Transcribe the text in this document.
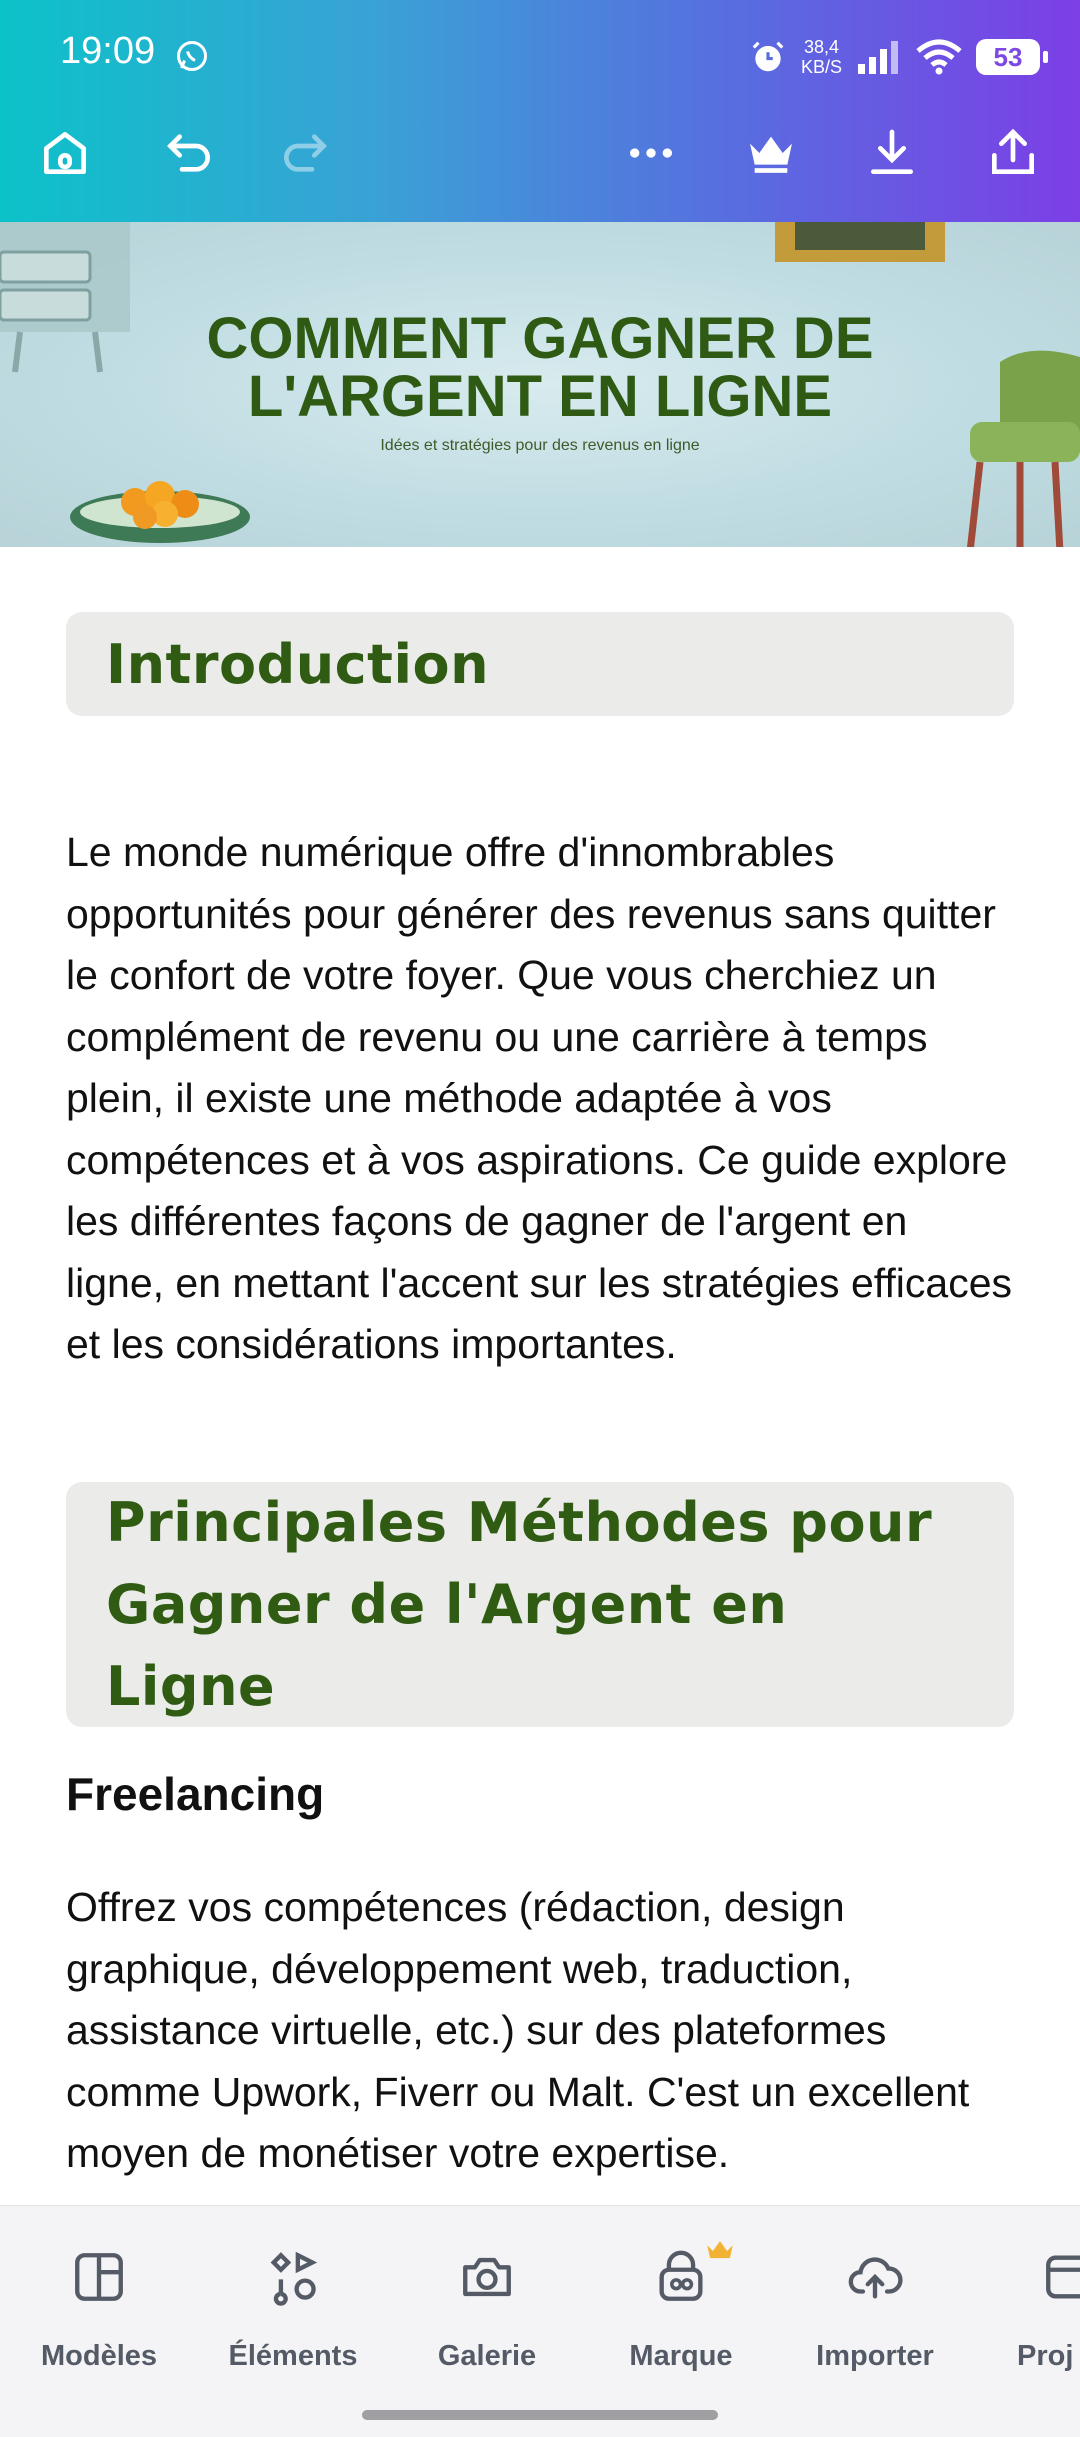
19:09	38,4
KB/S	53
COMMENT GAGNER DE
L'ARGENT EN LIGNE
Idées et stratégies pour des revenus en ligne
Introduction
Le monde numérique offre d'innombrables opportunités pour générer des revenus sans quitter le confort de votre foyer. Que vous cherchiez un complément de revenu ou une carrière à temps plein, il existe une méthode adaptée à vos compétences et à vos aspirations. Ce guide explore les différentes façons de gagner de l'argent en ligne, en mettant l'accent sur les stratégies efficaces et les considérations importantes.
Principales Méthodes pour Gagner de l'Argent en Ligne
Freelancing
Offrez vos compétences (rédaction, design graphique, développement web, traduction, assistance virtuelle, etc.) sur des plateformes comme Upwork, Fiverr ou Malt. C'est un excellent moyen de monétiser votre expertise.
Modèles	Éléments	Galerie	Marque	Importer	Proj
